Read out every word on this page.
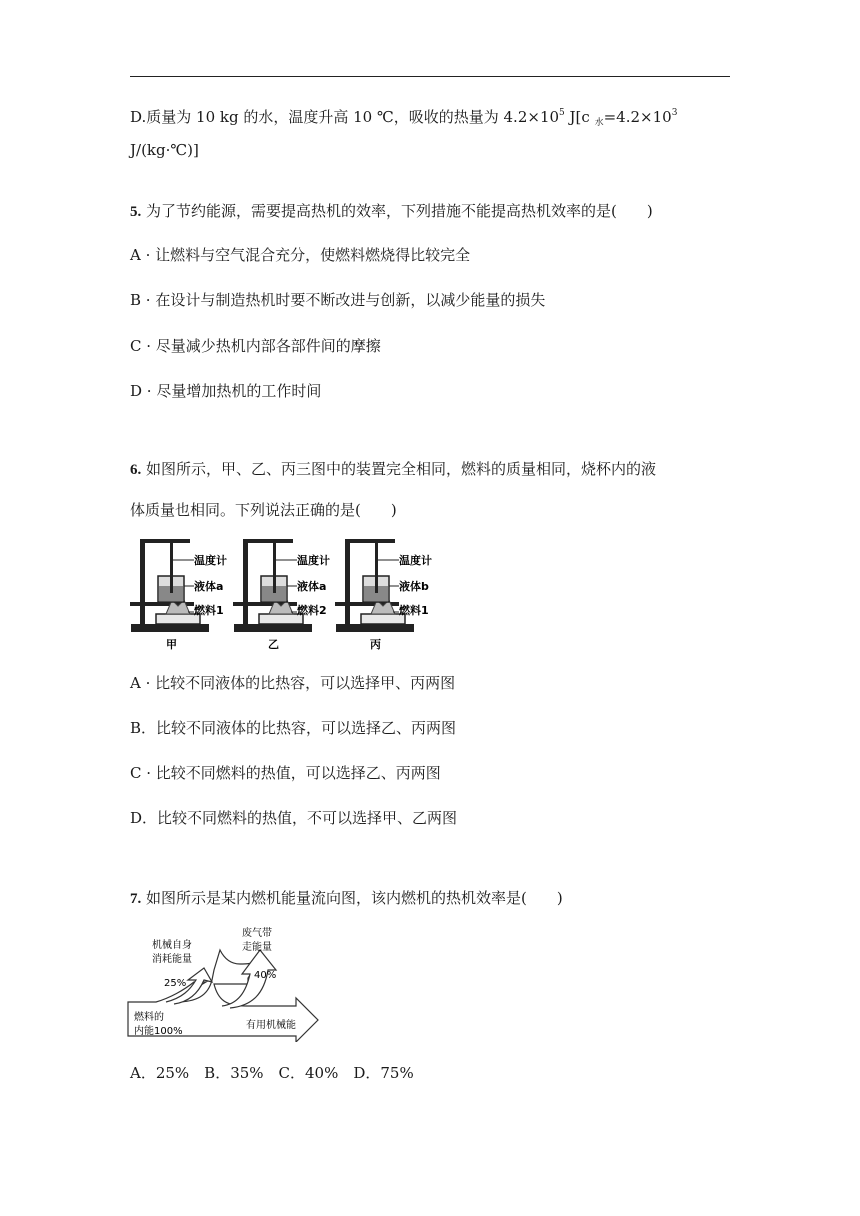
D.质量为 10 kg 的水，温度升高 10 ℃，吸收的热量为 $4.2\times 10^5$ J[c $_水=4.2\times 10^3$
J/(kg·℃)]
5. 为了节约能源，需要提高热机的效率，下列措施不能提高热机效率的是(　　)
A · 让燃料与空气混合充分，使燃料燃烧得比较完全
B · 在设计与制造热机时要不断改进与创新，以减少能量的损失
C · 尽量减少热机内部各部件间的摩擦
D · 尽量增加热机的工作时间
6. 如图所示，甲、乙、丙三图中的装置完全相同，燃料的质量相同，烧杯内的液
体质量也相同。下列说法正确的是(　　)
温度计
液体a
燃料1
甲
温度计
液体a
燃料2
乙
温度计
液体b
燃料1
丙
A · 比较不同液体的比热容，可以选择甲、丙两图
B．比较不同液体的比热容，可以选择乙、丙两图
C · 比较不同燃料的热值，可以选择乙、丙两图
D．比较不同燃料的热值，不可以选择甲、乙两图
7. 如图所示是某内燃机能量流向图，该内燃机的热机效率是(　　)
机械自身
消耗能量
25%
废气带
走能量
40%
燃料的
内能100%
有用机械能
A．25%　B．35%　C．40%　D．75%
